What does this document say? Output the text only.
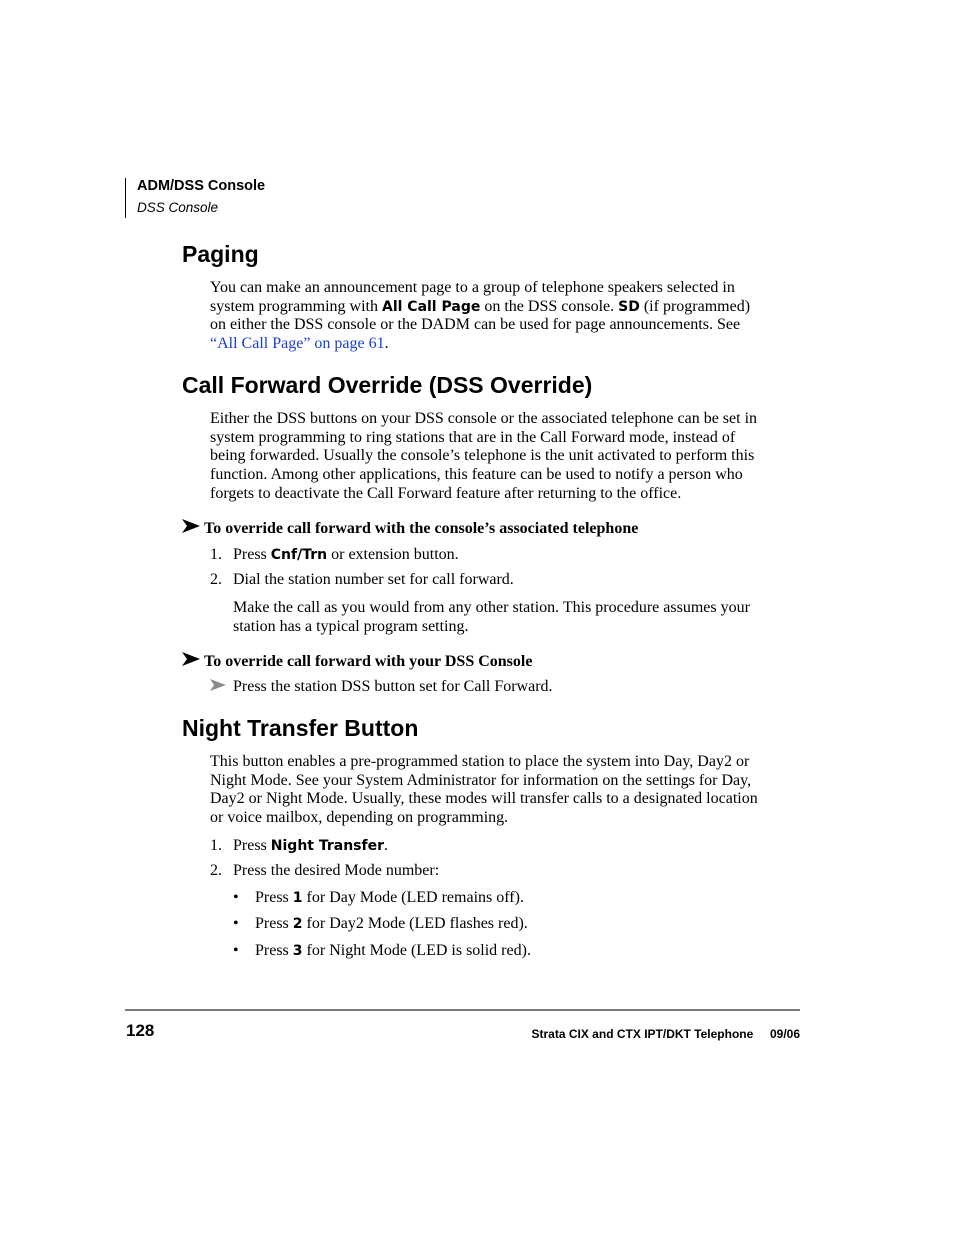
ADM/DSS Console
DSS Console
Paging
You can make an announcement page to a group of telephone speakers selected in
system programming with All Call Page on the DSS console. SD (if programmed)
on either the DSS console or the DADM can be used for page announcements. See
“All Call Page” on page 61.
Call Forward Override (DSS Override)
Either the DSS buttons on your DSS console or the associated telephone can be set in
system programming to ring stations that are in the Call Forward mode, instead of
being forwarded. Usually the console’s telephone is the unit activated to perform this
function. Among other applications, this feature can be used to notify a person who
forgets to deactivate the Call Forward feature after returning to the office.
To override call forward with the console’s associated telephone
1. Press Cnf/Trn or extension button.
2. Dial the station number set for call forward.
Make the call as you would from any other station. This procedure assumes your
station has a typical program setting.
To override call forward with your DSS Console
Press the station DSS button set for Call Forward.
Night Transfer Button
This button enables a pre-programmed station to place the system into Day, Day2 or
Night Mode. See your System Administrator for information on the settings for Day,
Day2 or Night Mode. Usually, these modes will transfer calls to a designated location
or voice mailbox, depending on programming.
1. Press Night Transfer.
2. Press the desired Mode number:
• Press 1 for Day Mode (LED remains off).
• Press 2 for Day2 Mode (LED flashes red).
• Press 3 for Night Mode (LED is solid red).
128	Strata CIX and CTX IPT/DKT Telephone     09/06
